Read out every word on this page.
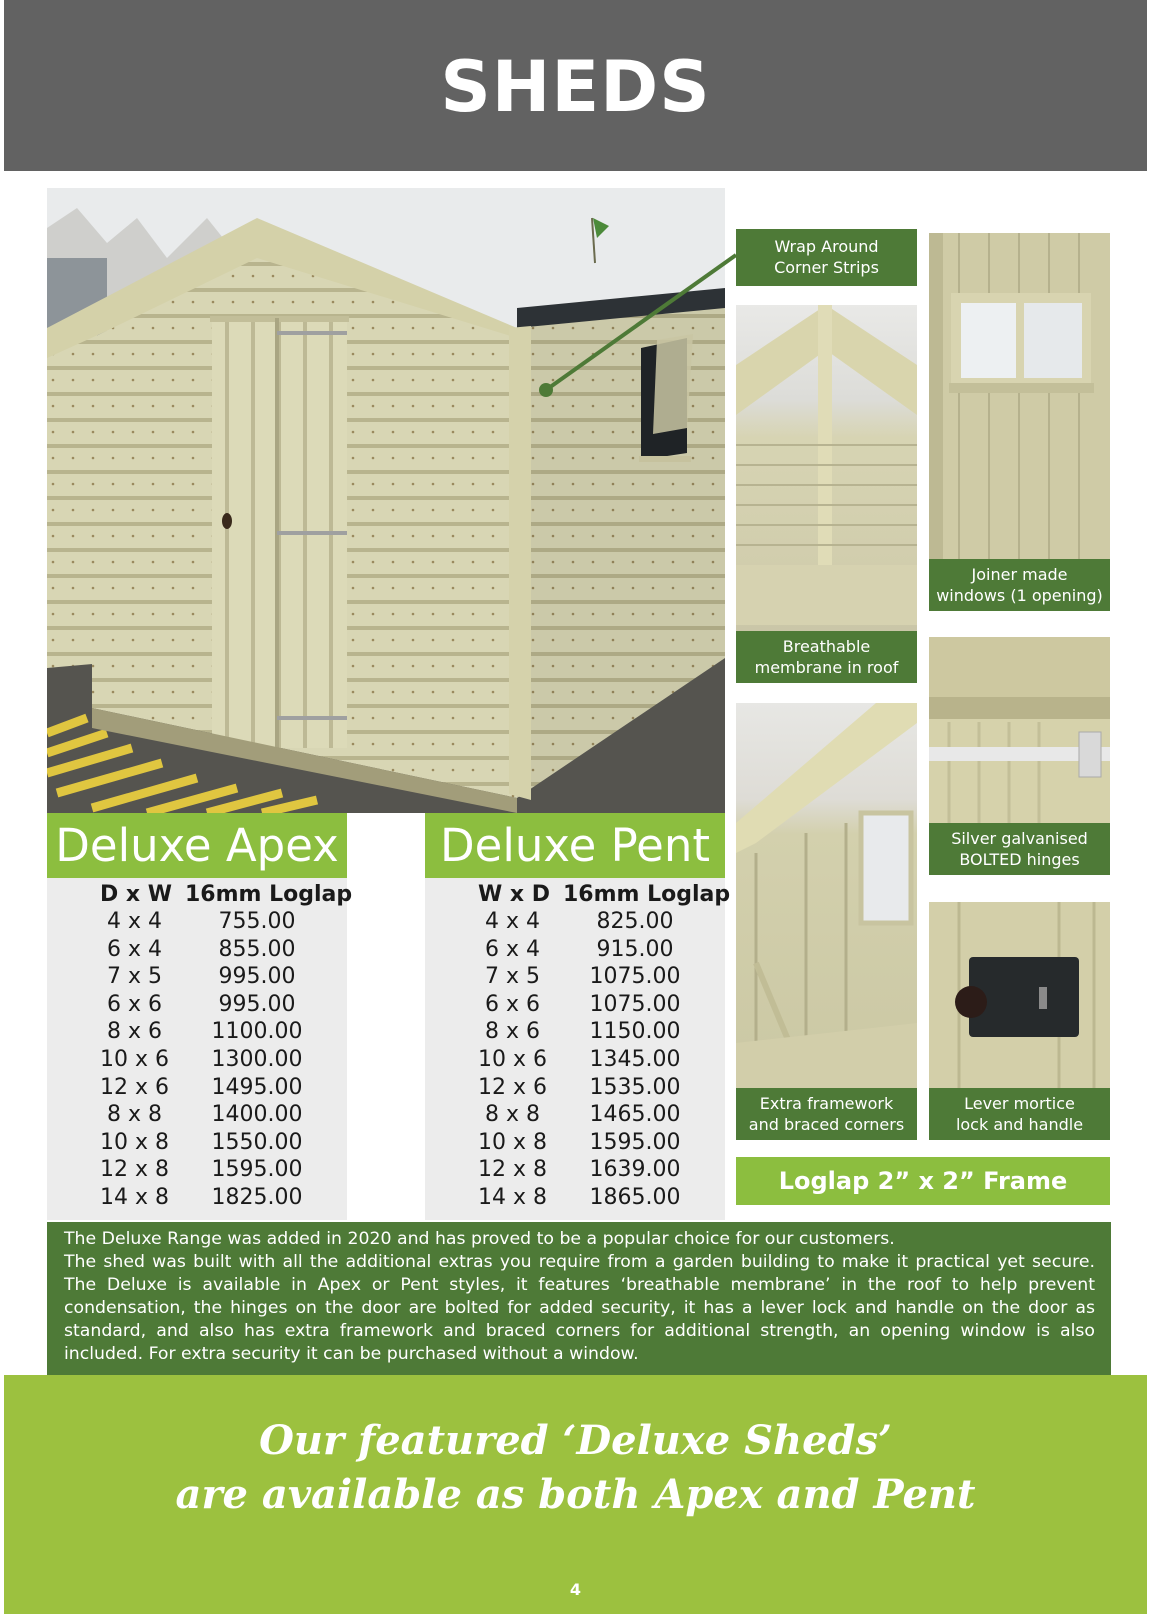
SHEDS
Wrap Around
Corner Strips
Breathable
membrane in roof
Joiner made
windows (1 opening)
Silver galvanised
BOLTED hinges
Extra framework
and braced corners
Lever mortice
lock and handle
Loglap 2” x 2” Frame
Deluxe Apex
D x W 16mm Loglap
4 x 4	755.00
6 x 4	855.00
7 x 5	995.00
6 x 6	995.00
8 x 6	1100.00
10 x 6	1300.00
12 x 6	1495.00
8 x 8	1400.00
10 x 8	1550.00
12 x 8	1595.00
14 x 8	1825.00
Deluxe Pent
W x D 16mm Loglap
4 x 4	825.00
6 x 4	915.00
7 x 5	1075.00
6 x 6	1075.00
8 x 6	1150.00
10 x 6	1345.00
12 x 6	1535.00
8 x 8	1465.00
10 x 8	1595.00
12 x 8	1639.00
14 x 8	1865.00

The Deluxe Range was added in 2020 and has proved to be a popular choice for our customers.

The shed was built with all the additional extras you require from a garden building to make it practical yet secure. The Deluxe is available in Apex or Pent styles, it features ‘breathable membrane’ in the roof to help prevent condensation, the hinges on the door are bolted for added security, it has a lever lock and handle on the door as standard, and also has extra framework and braced corners for additional strength, an opening window is also included. For extra security it can be purchased without a window.

Our featured ‘Deluxe Sheds’
are available as both Apex and Pent
4
